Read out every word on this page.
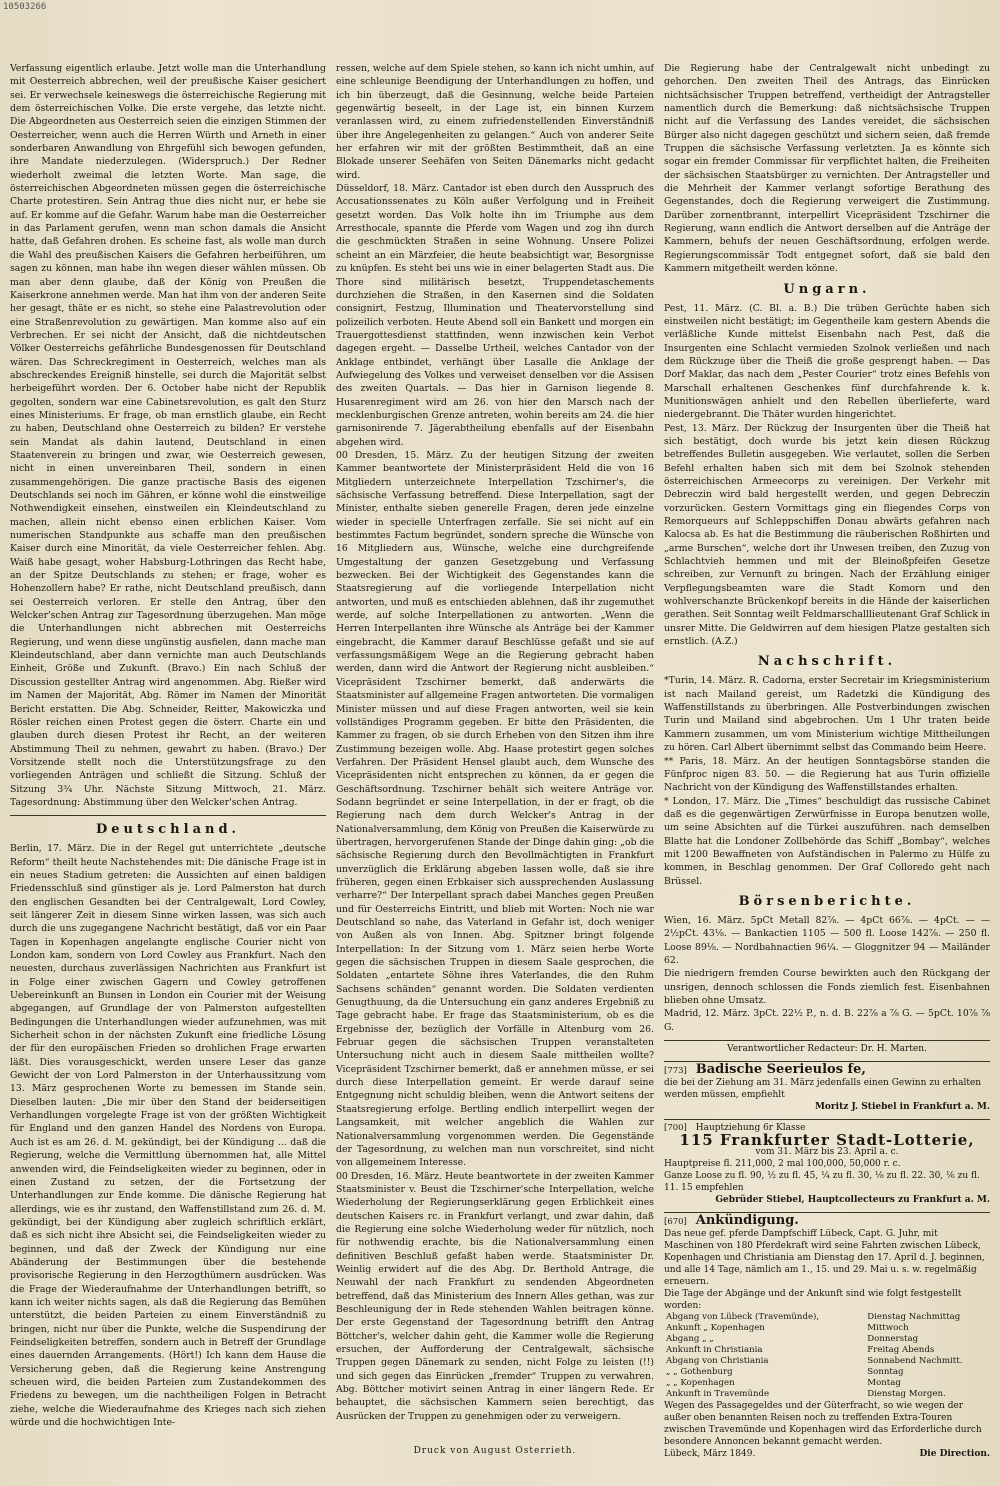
10503266

Verfassung eigentlich erlaube. Jetzt wolle man die Unterhandlung mit Oesterreich abbrechen, weil der preußische Kaiser gesichert sei. Er verwechsele keineswegs die österreichische Regierung mit dem österreichischen Volke. Die erste vergehe, das letzte nicht. Die Abgeordneten aus Oesterreich seien die einzigen Stimmen der Oesterreicher, wenn auch die Herren Würth und Arneth in einer sonderbaren Anwandlung von Ehrgefühl sich bewogen gefunden, ihre Mandate niederzulegen. (Widerspruch.) Der Redner wiederholt zweimal die letzten Worte. Man sage, die österreichischen Abgeordneten müssen gegen die österreichische Charte protestiren. Sein Antrag thue dies nicht nur, er hebe sie auf. Er komme auf die Gefahr. Warum habe man die Oesterreicher in das Parlament gerufen, wenn man schon damals die Ansicht hatte, daß Gefahren drohen. Es scheine fast, als wolle man durch die Wahl des preußischen Kaisers die Gefahren herbeiführen, um sagen zu können, man habe ihn wegen dieser wählen müssen. Ob man aber denn glaube, daß der König von Preußen die Kaiserkrone annehmen werde. Man hat ihm von der anderen Seite her gesagt, thäte er es nicht, so stehe eine Palastrevolution oder eine Straßenrevolution zu gewärtigen. Man komme also auf ein Verbrechen. Er sei nicht der Ansicht, daß die nichtdeutschen Völker Oesterreichs gefährliche Bundesgenossen für Deutschland wären. Das Schreckregiment in Oesterreich, welches man als abschreckendes Ereigniß hinstelle, sei durch die Majorität selbst herbeigeführt worden. Der 6. October habe nicht der Republik gegolten, sondern war eine Cabinetsrevolution, es galt den Sturz eines Ministeriums. Er frage, ob man ernstlich glaube, ein Recht zu haben, Deutschland ohne Oesterreich zu bilden? Er verstehe sein Mandat als dahin lautend, Deutschland in einen Staatenverein zu bringen und zwar, wie Oesterreich gewesen, nicht in einen unvereinbaren Theil, sondern in einen zusammengehörigen. Die ganze practische Basis des eigenen Deutschlands sei noch im Gähren, er könne wohl die einstweilige Nothwendigkeit einsehen, einstweilen ein Kleindeutschland zu machen, allein nicht ebenso einen erblichen Kaiser. Vom numerischen Standpunkte aus schaffe man den preußischen Kaiser durch eine Minorität, da viele Oesterreicher fehlen. Abg. Waiß habe gesagt, woher Habsburg-Lothringen das Recht habe, an der Spitze Deutschlands zu stehen; er frage, woher es Hohenzollern habe? Er rathe, nicht Deutschland preußisch, dann sei Oesterreich verloren. Er stelle den Antrag, über den Welcker'schen Antrag zur Tagesordnung überzugehen. Man möge die Unterhandlungen nicht abbrechen mit Oesterreichs Regierung, und wenn diese ungünstig ausfielen, dann mache man Kleindeutschland, aber dann vernichte man auch Deutschlands Einheit, Größe und Zukunft. (Bravo.) Ein nach Schluß der Discussion gestellter Antrag wird angenommen. Abg. Rießer wird im Namen der Majorität, Abg. Römer im Namen der Minorität Bericht erstatten. Die Abg. Schneider, Reitter, Makowiczka und Rösler reichen einen Protest gegen die österr. Charte ein und glauben durch diesen Protest ihr Recht, an der weiteren Abstimmung Theil zu nehmen, gewahrt zu haben. (Bravo.) Der Vorsitzende stellt noch die Unterstützungsfrage zu den vorliegenden Anträgen und schließt die Sitzung. Schluß der Sitzung 3¾ Uhr. Nächste Sitzung Mittwoch, 21. März. Tagesordnung: Abstimmung über den Welcker'schen Antrag.

Deutschland.

Berlin, 17. März. Die in der Regel gut unterrichtete „deutsche Reform“ theilt heute Nachstehendes mit: Die dänische Frage ist in ein neues Stadium getreten: die Aussichten auf einen baldigen Friedensschluß sind günstiger als je. Lord Palmerston hat durch den englischen Gesandten bei der Centralgewalt, Lord Cowley, seit längerer Zeit in diesem Sinne wirken lassen, was sich auch durch die uns zugegangene Nachricht bestätigt, daß vor ein Paar Tagen in Kopenhagen angelangte englische Courier nicht von London kam, sondern von Lord Cowley aus Frankfurt. Nach den neuesten, durchaus zuverlässigen Nachrichten aus Frankfurt ist in Folge einer zwischen Gagern und Cowley getroffenen Uebereinkunft an Bunsen in London ein Courier mit der Weisung abgegangen, auf Grundlage der von Palmerston aufgestellten Bedingungen die Unterhandlungen wieder aufzunehmen, was mit Sicherheit schon in der nächsten Zukunft eine friedliche Lösung der für den europäischen Frieden so drohlichen Frage erwarten läßt. Dies vorausgeschickt, werden unsere Leser das ganze Gewicht der von Lord Palmerston in der Unterhaussitzung vom 13. März gesprochenen Worte zu bemessen im Stande sein. Dieselben lauten: „Die mir über den Stand der beiderseitigen Verhandlungen vorgelegte Frage ist von der größten Wichtigkeit für England und den ganzen Handel des Nordens von Europa. Auch ist es am 26. d. M. gekündigt, bei der Kündigung ... daß die Regierung, welche die Vermittlung übernommen hat, alle Mittel anwenden wird, die Feindseligkeiten wieder zu beginnen, oder in einen Zustand zu setzen, der die Fortsetzung der Unterhandlungen zur Ende komme. Die dänische Regierung hat allerdings, wie es ihr zustand, den Waffenstillstand zum 26. d. M. gekündigt, bei der Kündigung aber zugleich schriftlich erklärt, daß es sich nicht ihre Absicht sei, die Feindseligkeiten wieder zu beginnen, und daß der Zweck der Kündigung nur eine Abänderung der Bestimmungen über die bestehende provisorische Regierung in den Herzogthümern ausdrücken. Was die Frage der Wiederaufnahme der Unterhandlungen betrifft, so kann ich weiter nichts sagen, als daß die Regierung das Bemühen unterstützt, die beiden Parteien zu einem Einverständniß zu bringen, nicht nur über die Punkte, welche die Suspendirung der Feindseligkeiten betreffen, sondern auch in Betreff der Grundlage eines dauernden Arrangements. (Hört!) Ich kann dem Hause die Versicherung geben, daß die Regierung keine Anstrengung scheuen wird, die beiden Parteien zum Zustandekommen des Friedens zu bewegen, um die nachtheiligen Folgen in Betracht ziehe, welche die Wiederaufnahme des Krieges nach sich ziehen würde und die hochwichtigen Inte-

ressen, welche auf dem Spiele stehen, so kann ich nicht umhin, auf eine schleunige Beendigung der Unterhandlungen zu hoffen, und ich bin überzeugt, daß die Gesinnung, welche beide Parteien gegenwärtig beseelt, in der Lage ist, ein binnen Kurzem veranlassen wird, zu einem zufriedenstellenden Einverständniß über ihre Angelegenheiten zu gelangen.“ Auch von anderer Seite her erfahren wir mit der größten Bestimmtheit, daß an eine Blokade unserer Seehäfen von Seiten Dänemarks nicht gedacht wird.

Düsseldorf, 18. März. Cantador ist eben durch den Ausspruch des Accusationssenates zu Köln außer Verfolgung und in Freiheit gesetzt worden. Das Volk holte ihn im Triumphe aus dem Arresthocale, spannte die Pferde vom Wagen und zog ihn durch die geschmückten Straßen in seine Wohnung. Unsere Polizei scheint an ein Märzfeier, die heute beabsichtigt war, Besorgnisse zu knüpfen. Es steht bei uns wie in einer belagerten Stadt aus. Die Thore sind militärisch besetzt, Truppendetaschements durchziehen die Straßen, in den Kasernen sind die Soldaten consignirt, Festzug, Illumination und Theatervorstellung sind polizeilich verboten. Heute Abend soll ein Bankett und morgen ein Trauergottesdienst stattfinden, wenn inzwischen kein Verbot dagegen ergeht. — Dasselbe Urtheil, welches Cantador von der Anklage entbindet, verhängt über Lasalle die Anklage der Aufwiegelung des Volkes und verweiset denselben vor die Assisen des zweiten Quartals. — Das hier in Garnison liegende 8. Husarenregiment wird am 26. von hier den Marsch nach der mecklenburgischen Grenze antreten, wohin bereits am 24. die hier garnisonirende 7. Jägerabtheilung ebenfalls auf der Eisenbahn abgehen wird.

00 Dresden, 15. März. Zu der heutigen Sitzung der zweiten Kammer beantwortete der Ministerpräsident Held die von 16 Mitgliedern unterzeichnete Interpellation Tzschirner's, die sächsische Verfassung betreffend. Diese Interpellation, sagt der Minister, enthalte sieben generelle Fragen, deren jede einzelne wieder in specielle Unterfragen zerfalle. Sie sei nicht auf ein bestimmtes Factum begründet, sondern spreche die Wünsche von 16 Mitgliedern aus, Wünsche, welche eine durchgreifende Umgestaltung der ganzen Gesetzgebung und Verfassung bezwecken. Bei der Wichtigkeit des Gegenstandes kann die Staatsregierung auf die vorliegende Interpellation nicht antworten, und muß es entschieden ablehnen, daß ihr zugemuthet werde, auf solche Interpellationen zu antworten. „Wenn die Herren Interpellanten ihre Wünsche als Anträge bei der Kammer eingebracht, die Kammer darauf Beschlüsse gefaßt und sie auf verfassungsmäßigem Wege an die Regierung gebracht haben werden, dann wird die Antwort der Regierung nicht ausbleiben.“ Vicepräsident Tzschirner bemerkt, daß anderwärts die Staatsminister auf allgemeine Fragen antworteten. Die vormaligen Minister müssen und auf diese Fragen antworten, weil sie kein vollständiges Programm gegeben. Er bitte den Präsidenten, die Kammer zu fragen, ob sie durch Erheben von den Sitzen ihm ihre Zustimmung bezeigen wolle. Abg. Haase protestirt gegen solches Verfahren. Der Präsident Hensel glaubt auch, dem Wunsche des Vicepräsidenten nicht entsprechen zu können, da er gegen die Geschäftsordnung. Tzschirner behält sich weitere Anträge vor. Sodann begründet er seine Interpellation, in der er fragt, ob die Regierung nach dem durch Welcker's Antrag in der Nationalversammlung, dem König von Preußen die Kaiserwürde zu übertragen, hervorgerufenen Stande der Dinge dahin ging: „ob die sächsische Regierung durch den Bevollmächtigten in Frankfurt unverzüglich die Erklärung abgeben lassen wolle, daß sie ihre früheren, gegen einen Erbkaiser sich aussprechenden Auslassung verharre?“ Der Interpellant sprach dabei Manches gegen Preußen und für Oesterreichs Eintritt, und blieb mit Worten: Noch nie war Deutschland so nahe, das Vaterland in Gefahr ist, doch weniger von Außen als von Innen. Abg. Spitzner bringt folgende Interpellation: In der Sitzung vom 1. März seien herbe Worte gegen die sächsischen Truppen in diesem Saale gesprochen, die Soldaten „entartete Söhne ihres Vaterlandes, die den Ruhm Sachsens schänden“ genannt worden. Die Soldaten verdienten Genugthuung, da die Untersuchung ein ganz anderes Ergebniß zu Tage gebracht habe. Er frage das Staatsministerium, ob es die Ergebnisse der, bezüglich der Vorfälle in Altenburg vom 26. Februar gegen die sächsischen Truppen veranstalteten Untersuchung nicht auch in diesem Saale mittheilen wollte? Vicepräsident Tzschirner bemerkt, daß er annehmen müsse, er sei durch diese Interpellation gemeint. Er werde darauf seine Entgegnung nicht schuldig bleiben, wenn die Antwort seitens der Staatsregierung erfolge. Bertling endlich interpellirt wegen der Langsamkeit, mit welcher angeblich die Wahlen zur Nationalversammlung vorgenommen werden. Die Gegenstände der Tagesordnung, zu welchen man nun vorschreitet, sind nicht von allgemeinem Interesse.

00 Dresden, 16. März. Heute beantwortete in der zweiten Kammer Staatsminister v. Beust die Tzschirner'sche Interpellation, welche Wiederholung der Regierungserklärung gegen Erblichkeit eines deutschen Kaisers rc. in Frankfurt verlangt, und zwar dahin, daß die Regierung eine solche Wiederholung weder für nützlich, noch für nothwendig erachte, bis die Nationalversammlung einen definitiven Beschluß gefaßt haben werde. Staatsminister Dr. Weinlig erwidert auf die des Abg. Dr. Berthold Antrage, die Neuwahl der nach Frankfurt zu sendenden Abgeordneten betreffend, daß das Ministerium des Innern Alles gethan, was zur Beschleunigung der in Rede stehenden Wahlen beitragen könne. Der erste Gegenstand der Tagesordnung betrifft den Antrag Böttcher's, welcher dahin geht, die Kammer wolle die Regierung ersuchen, der Aufforderung der Centralgewalt, sächsische Truppen gegen Dänemark zu senden, nicht Folge zu leisten (!!) und sich gegen das Einrücken „fremder“ Truppen zu verwahren. Abg. Böttcher motivirt seinen Antrag in einer längern Rede. Er behauptet, die sächsischen Kammern seien berechtigt, das Ausrücken der Truppen zu genehmigen oder zu verweigern.

Druck von August Osterrieth.

Die Regierung habe der Centralgewalt nicht unbedingt zu gehorchen. Den zweiten Theil des Antrags, das Einrücken nichtsächsischer Truppen betreffend, vertheidigt der Antragsteller namentlich durch die Bemerkung: daß nichtsächsische Truppen nicht auf die Verfassung des Landes vereidet, die sächsischen Bürger also nicht dagegen geschützt und sichern seien, daß fremde Truppen die sächsische Verfassung verletzten. Ja es könnte sich sogar ein fremder Commissar für verpflichtet halten, die Freiheiten der sächsischen Staatsbürger zu vernichten. Der Antragsteller und die Mehrheit der Kammer verlangt sofortige Berathung des Gegenstandes, doch die Regierung verweigert die Zustimmung. Darüber zornentbrannt, interpellirt Vicepräsident Tzschirner die Regierung, wann endlich die Antwort derselben auf die Anträge der Kammern, behufs der neuen Geschäftsordnung, erfolgen werde. Regierungscommissär Todt entgegnet sofort, daß sie bald den Kammern mitgetheilt werden könne.

Ungarn.

Pest, 11. März. (C. Bl. a. B.) Die trüben Gerüchte haben sich einstweilen nicht bestätigt; im Gegentheile kam gestern Abends die verläßliche Kunde mittelst Eisenbahn nach Pest, daß die Insurgenten eine Schlacht vermieden Szolnok verließen und nach dem Rückzuge über die Theiß die große gesprengt haben. — Das Dorf Maklar, das nach dem „Pester Courier“ trotz eines Befehls von Marschall erhaltenen Geschenkes fünf durchfahrende k. k. Munitionswägen anhielt und den Rebellen überlieferte, ward niedergebrannt. Die Thäter wurden hingerichtet.

Pest, 13. März. Der Rückzug der Insurgenten über die Theiß hat sich bestätigt, doch wurde bis jetzt kein diesen Rückzug betreffendes Bulletin ausgegeben. Wie verlautet, sollen die Serben Befehl erhalten haben sich mit dem bei Szolnok stehenden österreichischen Armeecorps zu vereinigen. Der Verkehr mit Debreczin wird bald hergestellt werden, und gegen Debreczin vorzurücken. Gestern Vormittags ging ein fliegendes Corps von Remorqueurs auf Schleppschiffen Donau abwärts gefahren nach Kalocsa ab. Es hat die Bestimmung die räuberischen Roßhirten und „arme Burschen“, welche dort ihr Unwesen treiben, den Zuzug von Schlachtvieh hemmen und mit der Bleinoßpfeifen Gesetze schreiben, zur Vernunft zu bringen. Nach der Erzählung einiger Verpflegungsbeamten ware die Stadt Komorn und den wohlverschanzte Brückenkopf bereits in die Hände der kaiserlichen gerathen. Seit Sonntag weilt Feldmarschalllieutenant Graf Schlick in unsrer Mitte. Die Geldwirren auf dem hiesigen Platze gestalten sich ernstlich. (A.Z.)

Nachschrift.

*Turin, 14. März. R. Cadorna, erster Secretair im Kriegsministerium ist nach Mailand gereist, um Radetzki die Kündigung des Waffenstillstands zu überbringen. Alle Postverbindungen zwischen Turin und Mailand sind abgebrochen. Um 1 Uhr traten beide Kammern zusammen, um vom Ministerium wichtige Mittheilungen zu hören. Carl Albert übernimmt selbst das Commando beim Heere.

** Paris, 18. März. An der heutigen Sonntagsbörse standen die Fünfproc nigen 83. 50. — die Regierung hat aus Turin offizielle Nachricht von der Kündigung des Waffenstillstandes erhalten.

* London, 17. März. Die „Times“ beschuldigt das russische Cabinet daß es die gegenwärtigen Zerwürfnisse in Europa benutzen wolle, um seine Absichten auf die Türkei auszuführen. nach demselben Blatte hat die Londoner Zollbehörde das Schiff „Bombay“, welches mit 1200 Bewaffneten von Aufständischen in Palermo zu Hülfe zu kommen, in Beschlag genommen. Der Graf Colloredo geht nach Brüssel.

Börsenberichte.

Wien, 16. März. 5pCt Metall 82⅞. — 4pCt 66⅞. — 4pCt. — — 2½pCt. 43⅛. — Bankactien 1105 — 500 fl. Loose 142⅞. — 250 fl. Loose 89⅛. — Nordbahnactien 96¼. — Gloggnitzer 94 — Mailänder 62.

Die niedrigern fremden Course bewirkten auch den Rückgang der unsrigen, dennoch schlossen die Fonds ziemlich fest. Eisenbahnen blieben ohne Umsatz.

Madrid, 12. März. 3pCt. 22½ P., n. d. B. 22⅞ a ⅞ G. — 5pCt. 10⅞ ⅞ G.

Verantwortlicher Redacteur: Dr. H. Marten.
[773] Badische Seerieulos fe,
die bei der Ziehung am 31. März jedenfalls einen Gewinn zu erhalten werden müssen, empfiehlt
Moritz J. Stiebel in Frankfurt a. M.
[700] Hauptziehung 6r Klasse
115 Frankfurter Stadt-Lotterie,
vom 31. März bis 23. April a. c.
Hauptpreise fl. 211,000, 2 mal 100,000, 50,000 r. c.
Ganze Loose zu fl. 90, ½ zu fl. 45, ¼ zu fl. 30, ⅛ zu fl. 22. 30, ⅙ zu fl. 11. 15 empfehlen
Gebrüder Stiebel, Hauptcollecteurs zu Frankfurt a. M.
[670] Ankündigung.
Das neue gef. pferde Dampfschiff Lübeck, Capt. G. Juhr, mit Maschinen von 180 Pferdekraft wird seine Fahrten zwischen Lübeck, Kopenhagen und Christiania am Dienstag den 17. April d. J. beginnen, und alle 14 Tage, nämlich am 1., 15. und 29. Mai u. s. w. regelmäßig erneuern.
Die Tage der Abgänge und der Ankunft sind wie folgt festgestellt worden:
Abgang von Lübeck (Travemünde),	Dienstag Nachmittag
Ankunft „ Kopenhagen	Mittwoch
Abgang „ „	Donnerstag
Ankunft in Christiania	Freitag Abends
Abgang von Christiania	Sonnabend Nachmitt.
„ „ Gothenburg	Sonntag
„ „ Kopenhagen	Montag
Ankunft in Travemünde	Dienstag Morgen.
Wegen des Passagegeldes und der Güterfracht, so wie wegen der außer oben benannten Reisen noch zu treffenden Extra-Touren zwischen Travemünde und Kopenhagen wird das Erforderliche durch besondere Annoncen bekannt gemacht werden.
Lübeck, März 1849.	Die Direction.
